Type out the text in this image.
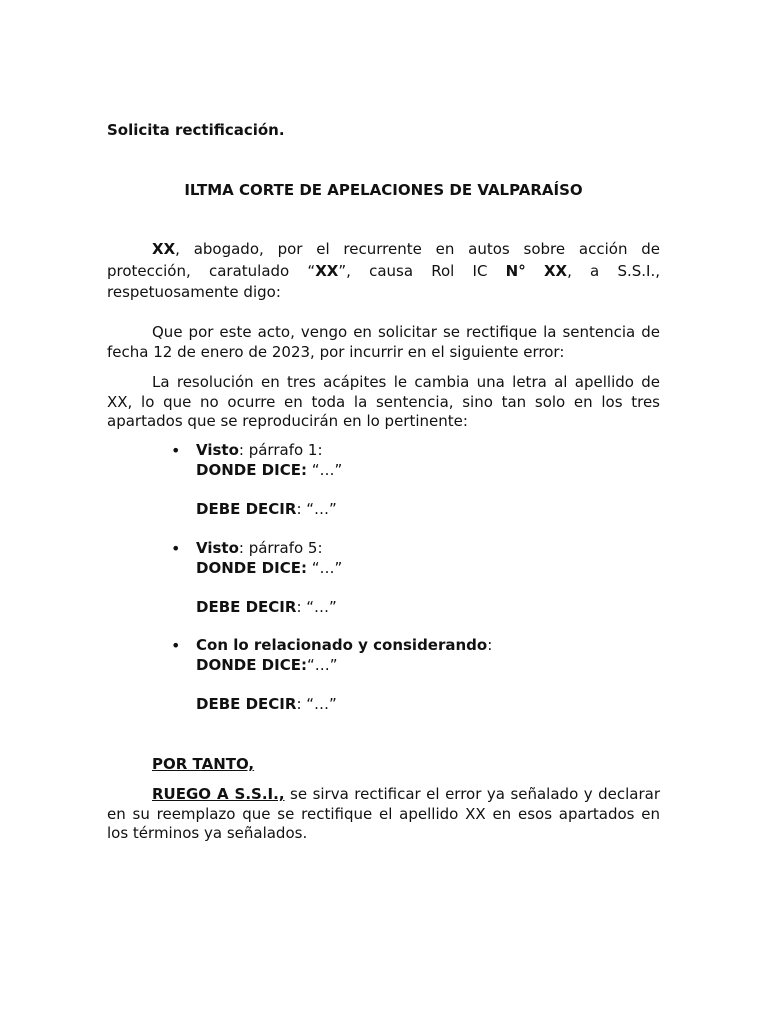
Solicita rectificación.
ILTMA CORTE DE APELACIONES DE VALPARAÍSO

XX, abogado, por el recurrente en autos sobre acción de protección, caratulado “XX”, causa Rol IC N° XX, a S.S.I., respetuosamente digo:

Que por este acto, vengo en solicitar se rectifique la sentencia de fecha 12 de enero de 2023, por incurrir en el siguiente error:

La resolución en tres acápites le cambia una letra al apellido de XX, lo que no ocurre en toda la sentencia, sino tan solo en los tres apartados que se reproducirán en lo pertinente:

• Visto: párrafo 1:
DONDE DICE: “…”
DEBE DECIR: “…”
• Visto: párrafo 5:
DONDE DICE: “…”
DEBE DECIR: “…”
• Con lo relacionado y considerando:
DONDE DICE:“…”
DEBE DECIR: “…”
POR TANTO,

RUEGO A S.S.I., se sirva rectificar el error ya señalado y declarar en su reemplazo que se rectifique el apellido XX en esos apartados en los términos ya señalados.
